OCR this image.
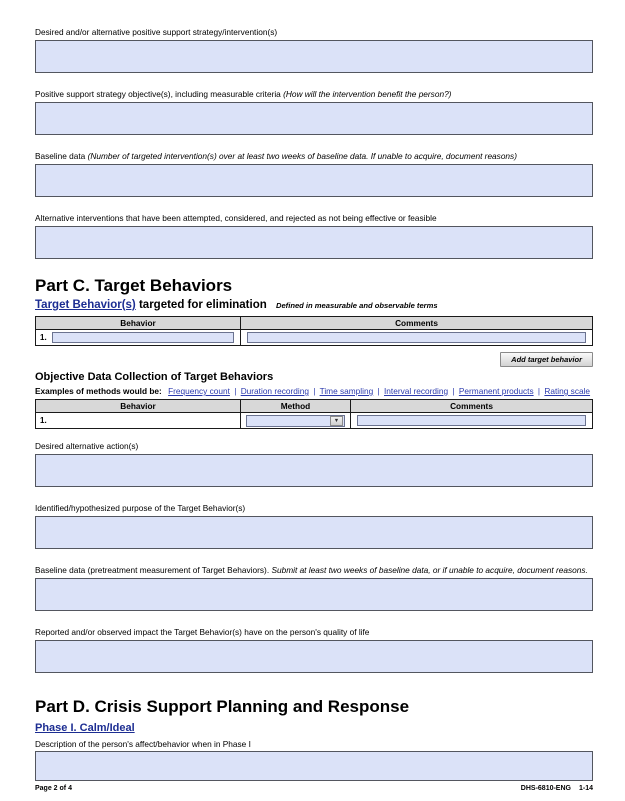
Desired and/or alternative positive support strategy/intervention(s)
Positive support strategy objective(s), including measurable criteria (How will the intervention benefit the person?)
Baseline data (Number of targeted intervention(s) over at least two weeks of baseline data. If unable to acquire, document reasons)
Alternative interventions that have been attempted, considered, and rejected as not being effective or feasible
Part C. Target Behaviors
Target Behavior(s) targeted for elimination Defined in measurable and observable terms
Behavior	Comments

1.	

Add target behavior
Objective Data Collection of Target Behaviors
Examples of methods would be: Frequency count | Duration recording | Time sampling | Interval recording | Permanent products | Rating scale
Behavior	Method	Comments

1.	▼	

Desired alternative action(s)
Identified/hypothesized purpose of the Target Behavior(s)
Baseline data (pretreatment measurement of Target Behaviors). Submit at least two weeks of baseline data, or if unable to acquire, document reasons.
Reported and/or observed impact the Target Behavior(s) have on the person's quality of life
Part D. Crisis Support Planning and Response
Phase I. Calm/Ideal
Description of the person's affect/behavior when in Phase I
Page 2 of 4	DHS-6810-ENG 1-14
